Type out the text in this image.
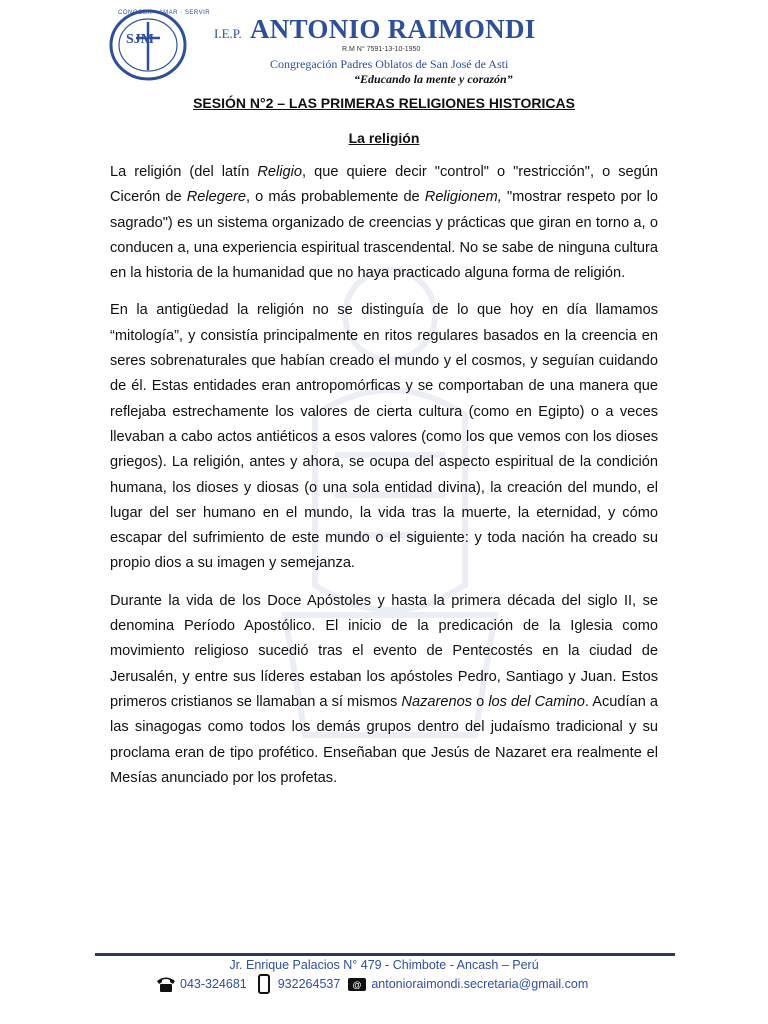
SJM
CONOCER · AMAR · SERVIR
I.E.P. ANTONIO RAIMONDI
R.M N° 7591-13-10-1950
Congregación Padres Oblatos de San José de Asti
“Educando la mente y corazón”
SESIÓN N°2 – LAS PRIMERAS RELIGIONES HISTORICAS
La religión

La religión (del latín Religio, que quiere decir "control" o "restricción", o según Cicerón de Relegere, o más probablemente de Religionem, "mostrar respeto por lo sagrado") es un sistema organizado de creencias y prácticas que giran en torno a, o conducen a, una experiencia espiritual trascendental. No se sabe de ninguna cultura en la historia de la humanidad que no haya practicado alguna forma de religión.

En la antigüedad la religión no se distinguía de lo que hoy en día llamamos “mitología”, y consistía principalmente en ritos regulares basados en la creencia en seres sobrenaturales que habían creado el mundo y el cosmos, y seguían cuidando de él. Estas entidades eran antropomórficas y se comportaban de una manera que reflejaba estrechamente los valores de cierta cultura (como en Egipto) o a veces llevaban a cabo actos antiéticos a esos valores (como los que vemos con los dioses griegos). La religión, antes y ahora, se ocupa del aspecto espiritual de la condición humana, los dioses y diosas (o una sola entidad divina), la creación del mundo, el lugar del ser humano en el mundo, la vida tras la muerte, la eternidad, y cómo escapar del sufrimiento de este mundo o el siguiente: y toda nación ha creado su propio dios a su imagen y semejanza.

Durante la vida de los Doce Apóstoles y hasta la primera década del siglo II, se denomina Período Apostólico. El inicio de la predicación de la Iglesia como movimiento religioso sucedió tras el evento de Pentecostés en la ciudad de Jerusalén, y entre sus líderes estaban los apóstoles Pedro, Santiago y Juan. Estos primeros cristianos se llamaban a sí mismos Nazarenos o los del Camino. Acudían a las sinagogas como todos los demás grupos dentro del judaísmo tradicional y su proclama eran de tipo profético. Enseñaban que Jesús de Nazaret era realmente el Mesías anunciado por los profetas.

Jr. Enrique Palacios N° 479 - Chimbote - Ancash – Perú
043-324681 932264537 @ antonioraimondi.secretaria@gmail.com
